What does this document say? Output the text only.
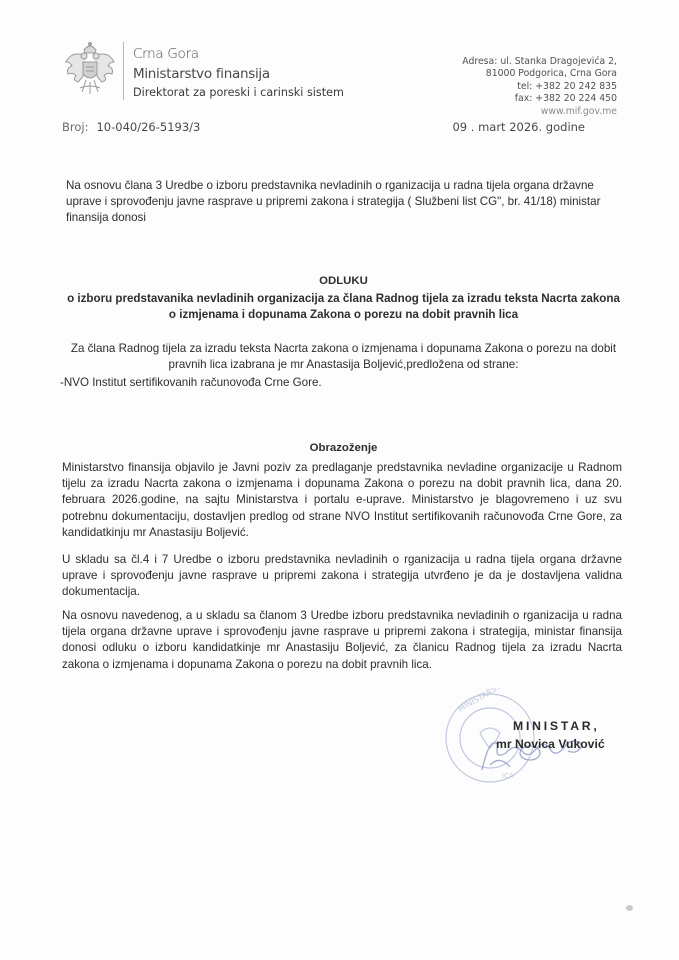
Crna Gora
Ministarstvo finansija
Direktorat za poreski i carinski sistem
Adresa: ul. Stanka Dragojevića 2,
81000 Podgorica, Crna Gora
tel: +382 20 242 835
fax: +382 20 224 450
www.mif.gov.me
Broj: 10-040/26-5193/3	09 . mart 2026. godine
Na osnovu člana 3 Uredbe o izboru predstavnika nevladinih o rganizacija u radna tijela organa državne uprave i sprovođenju javne rasprave u pripremi zakona i strategija ( Službeni list CG", br. 41/18) ministar finansija donosi
ODLUKU
o izboru predstavanika nevladinih organizacija za člana Radnog tijela za izradu teksta Nacrta zakona o izmjenama i dopunama Zakona o porezu na dobit pravnih lica
Za člana Radnog tijela za izradu teksta Nacrta zakona o izmjenama i dopunama Zakona o porezu na dobit pravnih lica izabrana je mr Anastasija Boljević,predložena od strane:
-NVO Institut sertifikovanih računovođa Crne Gore.
Obrazoženje
Ministarstvo finansija objavilo je Javni poziv za predlaganje predstavnika nevladine organizacije u Radnom tijelu za izradu Nacrta zakona o izmjenama i dopunama Zakona o porezu na dobit pravnih lica, dana 20. februara 2026.godine, na sajtu Ministarstva i portalu e-uprave. Ministarstvo je blagovremeno i uz svu potrebnu dokumentaciju, dostavljen predlog od strane NVO Institut sertifikovanih računovođa Crne Gore, za kandidatkinju mr Anastasiju Boljević.
U skladu sa čl.4 i 7 Uredbe o izboru predstavnika nevladinih o rganizacija u radna tijela organa državne uprave i sprovođenju javne rasprave u pripremi zakona i strategija utvrđeno je da je dostavljena validna dokumentacija.
Na osnovu navedenog, a u skladu sa članom 3 Uredbe izboru predstavnika nevladinih o rganizacija u radna tijela organa državne uprave i sprovođenju javne rasprave u pripremi zakona i strategija, ministar finansija donosi odluku o izboru kandidatkinje mr Anastasiju Boljević, za članicu Radnog tijela za izradu Nacrta zakona o izmjenama i dopunama Zakona o porezu na dobit pravnih lica.
MINISTARSTVO
ICA
MINISTAR,
mr Novica Vuković
